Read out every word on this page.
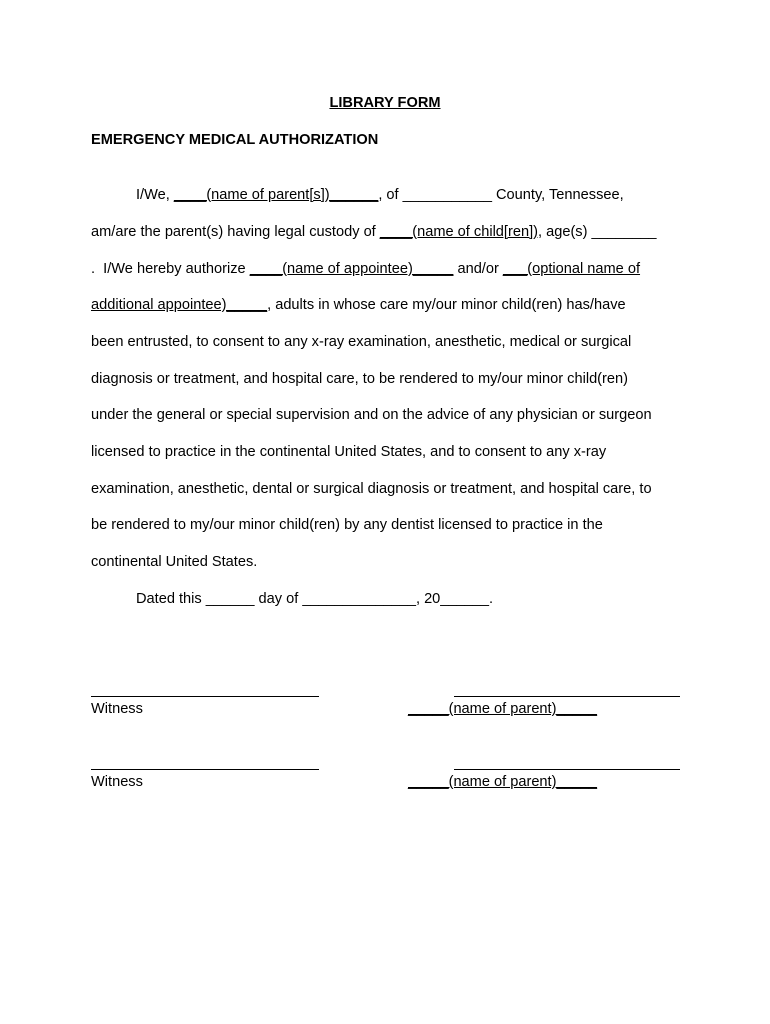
LIBRARY FORM
EMERGENCY MEDICAL AUTHORIZATION
I/We, ____(name of parent[s])______, of ___________ County, Tennessee,
am/are the parent(s) having legal custody of ____(name of child[ren]), age(s) ________
.  I/We hereby authorize ____(name of appointee)_____ and/or ___(optional name of
additional appointee)_____, adults in whose care my/our minor child(ren) has/have
been entrusted, to consent to any x-ray examination, anesthetic, medical or surgical
diagnosis or treatment, and hospital care, to be rendered to my/our minor child(ren)
under the general or special supervision and on the advice of any physician or surgeon
licensed to practice in the continental United States, and to consent to any x-ray
examination, anesthetic, dental or surgical diagnosis or treatment, and hospital care, to
be rendered to my/our minor child(ren) by any dentist licensed to practice in the
continental United States.
Dated this ______ day of ______________, 20______.
Witness	_____(name of parent)_____
Witness	_____(name of parent)_____
